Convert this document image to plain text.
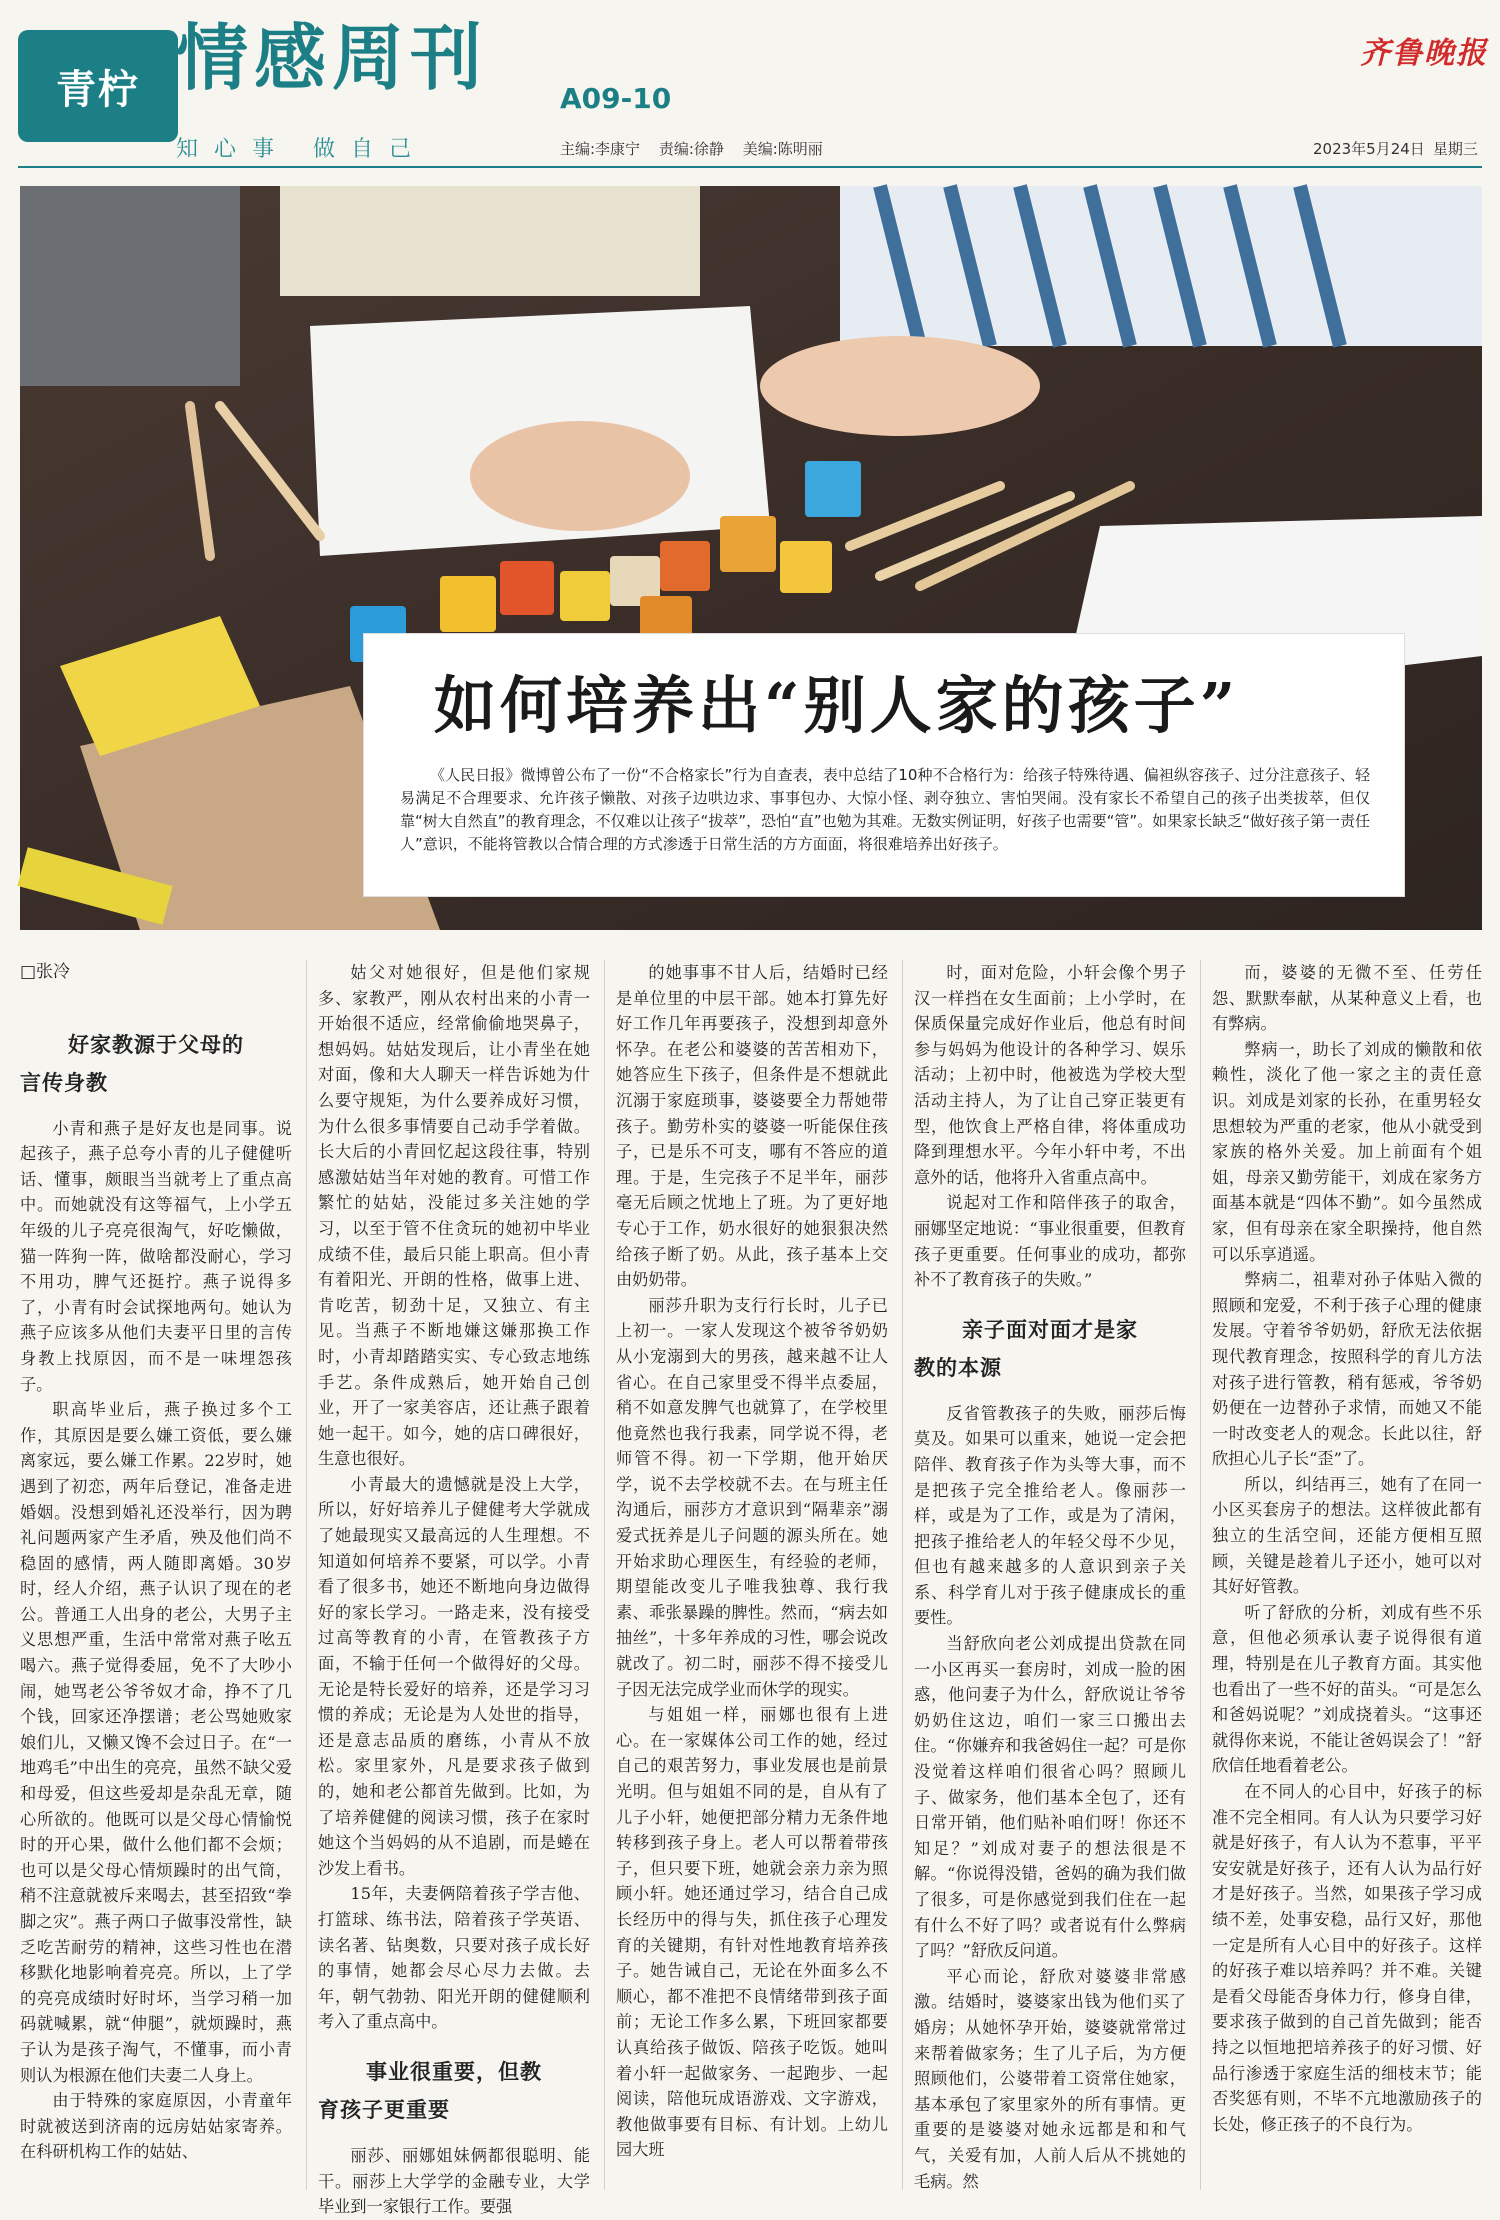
青柠 情感周刊	A09-10
知心事 做自己
齐鲁晚报
主编:李康宁 责编:徐静 美编:陈明丽	2023年5月24日 星期三
如何培养出“别人家的孩子”
《人民日报》微博曾公布了一份“不合格家长”行为自查表，表中总结了10种不合格行为：给孩子特殊待遇、偏袒纵容孩子、过分注意孩子、轻易满足不合理要求、允许孩子懒散、对孩子边哄边求、事事包办、大惊小怪、剥夺独立、害怕哭闹。没有家长不希望自己的孩子出类拔萃，但仅靠“树大自然直”的教育理念，不仅难以让孩子“拔萃”，恐怕“直”也勉为其难。无数实例证明，好孩子也需要“管”。如果家长缺乏“做好孩子第一责任人”意识，不能将管教以合情合理的方式渗透于日常生活的方方面面，将很难培养出好孩子。
□张冷
好家教源于父母的
言传身教

小青和燕子是好友也是同事。说起孩子，燕子总夸小青的儿子健健听话、懂事，颇眼当当就考上了重点高中。而她就没有这等福气，上小学五年级的儿子亮亮很淘气，好吃懒做，猫一阵狗一阵，做啥都没耐心，学习不用功，脾气还挺拧。燕子说得多了，小青有时会试探地两句。她认为燕子应该多从他们夫妻平日里的言传身教上找原因，而不是一味埋怨孩子。

职高毕业后，燕子换过多个工作，其原因是要么嫌工资低，要么嫌离家远，要么嫌工作累。22岁时，她遇到了初恋，两年后登记，准备走进婚姻。没想到婚礼还没举行，因为聘礼问题两家产生矛盾，殃及他们尚不稳固的感情，两人随即离婚。30岁时，经人介绍，燕子认识了现在的老公。普通工人出身的老公，大男子主义思想严重，生活中常常对燕子吆五喝六。燕子觉得委屈，免不了大吵小闹，她骂老公爷爷奴才命，挣不了几个钱，回家还净摆谱；老公骂她败家娘们儿，又懒又馋不会过日子。在“一地鸡毛”中出生的亮亮，虽然不缺父爱和母爱，但这些爱却是杂乱无章，随心所欲的。他既可以是父母心情愉悦时的开心果，做什么他们都不会烦；也可以是父母心情烦躁时的出气筒，稍不注意就被斥来喝去，甚至招致“拳脚之灾”。燕子两口子做事没常性，缺乏吃苦耐劳的精神，这些习性也在潜移默化地影响着亮亮。所以，上了学的亮亮成绩时好时坏，当学习稍一加码就喊累，就“伸腿”，就烦躁时，燕子认为是孩子淘气，不懂事，而小青则认为根源在他们夫妻二人身上。

由于特殊的家庭原因，小青童年时就被送到济南的远房姑姑家寄养。在科研机构工作的姑姑、

姑父对她很好，但是他们家规多、家教严，刚从农村出来的小青一开始很不适应，经常偷偷地哭鼻子，想妈妈。姑姑发现后，让小青坐在她对面，像和大人聊天一样告诉她为什么要守规矩，为什么要养成好习惯，为什么很多事情要自己动手学着做。长大后的小青回忆起这段往事，特别感激姑姑当年对她的教育。可惜工作繁忙的姑姑，没能过多关注她的学习，以至于管不住贪玩的她初中毕业成绩不佳，最后只能上职高。但小青有着阳光、开朗的性格，做事上进、肯吃苦，韧劲十足，又独立、有主见。当燕子不断地嫌这嫌那换工作时，小青却踏踏实实、专心致志地练手艺。条件成熟后，她开始自己创业，开了一家美容店，还让燕子跟着她一起干。如今，她的店口碑很好，生意也很好。

小青最大的遗憾就是没上大学，所以，好好培养儿子健健考大学就成了她最现实又最高远的人生理想。不知道如何培养不要紧，可以学。小青看了很多书，她还不断地向身边做得好的家长学习。一路走来，没有接受过高等教育的小青，在管教孩子方面，不输于任何一个做得好的父母。无论是特长爱好的培养，还是学习习惯的养成；无论是为人处世的指导，还是意志品质的磨练，小青从不放松。家里家外，凡是要求孩子做到的，她和老公都首先做到。比如，为了培养健健的阅读习惯，孩子在家时她这个当妈妈的从不追剧，而是蜷在沙发上看书。

15年，夫妻俩陪着孩子学吉他、打篮球、练书法，陪着孩子学英语、读名著、钻奥数，只要对孩子成长好的事情，她都会尽心尽力去做。去年，朝气勃勃、阳光开朗的健健顺利考入了重点高中。

事业很重要，但教
育孩子更重要

丽莎、丽娜姐妹俩都很聪明、能干。丽莎上大学学的金融专业，大学毕业到一家银行工作。要强

的她事事不甘人后，结婚时已经是单位里的中层干部。她本打算先好好工作几年再要孩子，没想到却意外怀孕。在老公和婆婆的苦苦相劝下，她答应生下孩子，但条件是不想就此沉溺于家庭琐事，婆婆要全力帮她带孩子。勤劳朴实的婆婆一听能保住孩子，已是乐不可支，哪有不答应的道理。于是，生完孩子不足半年，丽莎毫无后顾之忧地上了班。为了更好地专心于工作，奶水很好的她狠狠决然给孩子断了奶。从此，孩子基本上交由奶奶带。

丽莎升职为支行行长时，儿子已上初一。一家人发现这个被爷爷奶奶从小宠溺到大的男孩，越来越不让人省心。在自己家里受不得半点委屈，稍不如意发脾气也就算了，在学校里他竟然也我行我素，同学说不得，老师管不得。初一下学期，他开始厌学，说不去学校就不去。在与班主任沟通后，丽莎方才意识到“隔辈亲”溺爱式抚养是儿子问题的源头所在。她开始求助心理医生，有经验的老师，期望能改变儿子唯我独尊、我行我素、乖张暴躁的脾性。然而，“病去如抽丝”，十多年养成的习性，哪会说改就改了。初二时，丽莎不得不接受儿子因无法完成学业而休学的现实。

与姐姐一样，丽娜也很有上进心。在一家媒体公司工作的她，经过自己的艰苦努力，事业发展也是前景光明。但与姐姐不同的是，自从有了儿子小轩，她便把部分精力无条件地转移到孩子身上。老人可以帮着带孩子，但只要下班，她就会亲力亲为照顾小轩。她还通过学习，结合自己成长经历中的得与失，抓住孩子心理发育的关键期，有针对性地教育培养孩子。她告诫自己，无论在外面多么不顺心，都不准把不良情绪带到孩子面前；无论工作多么累，下班回家都要认真给孩子做饭、陪孩子吃饭。她叫着小轩一起做家务、一起跑步、一起阅读，陪他玩成语游戏、文字游戏，教他做事要有目标、有计划。上幼儿园大班

时，面对危险，小轩会像个男子汉一样挡在女生面前；上小学时，在保质保量完成好作业后，他总有时间参与妈妈为他设计的各种学习、娱乐活动；上初中时，他被选为学校大型活动主持人，为了让自己穿正装更有型，他饮食上严格自律，将体重成功降到理想水平。今年小轩中考，不出意外的话，他将升入省重点高中。

说起对工作和陪伴孩子的取舍，丽娜坚定地说：“事业很重要，但教育孩子更重要。任何事业的成功，都弥补不了教育孩子的失败。”

亲子面对面才是家
教的本源

反省管教孩子的失败，丽莎后悔莫及。如果可以重来，她说一定会把陪伴、教育孩子作为头等大事，而不是把孩子完全推给老人。像丽莎一样，或是为了工作，或是为了清闲，把孩子推给老人的年轻父母不少见，但也有越来越多的人意识到亲子关系、科学育儿对于孩子健康成长的重要性。

当舒欣向老公刘成提出贷款在同一小区再买一套房时，刘成一脸的困惑，他问妻子为什么，舒欣说让爷爷奶奶住这边，咱们一家三口搬出去住。“你嫌弃和我爸妈住一起？可是你没觉着这样咱们很省心吗？照顾儿子、做家务，他们基本全包了，还有日常开销，他们贴补咱们呀！你还不知足？”刘成对妻子的想法很是不解。“你说得没错，爸妈的确为我们做了很多，可是你感觉到我们住在一起有什么不好了吗？或者说有什么弊病了吗？”舒欣反问道。

平心而论，舒欣对婆婆非常感激。结婚时，婆婆家出钱为他们买了婚房；从她怀孕开始，婆婆就常常过来帮着做家务；生了儿子后，为方便照顾他们，公婆带着工资常住她家，基本承包了家里家外的所有事情。更重要的是婆婆对她永远都是和和气气，关爱有加，人前人后从不挑她的毛病。然

而，婆婆的无微不至、任劳任怨、默默奉献，从某种意义上看，也有弊病。

弊病一，助长了刘成的懒散和依赖性，淡化了他一家之主的责任意识。刘成是刘家的长孙，在重男轻女思想较为严重的老家，他从小就受到家族的格外关爱。加上前面有个姐姐，母亲又勤劳能干，刘成在家务方面基本就是“四体不勤”。如今虽然成家，但有母亲在家全职操持，他自然可以乐享逍遥。

弊病二，祖辈对孙子体贴入微的照顾和宠爱，不利于孩子心理的健康发展。守着爷爷奶奶，舒欣无法依据现代教育理念，按照科学的育儿方法对孩子进行管教，稍有惩戒，爷爷奶奶便在一边替孙子求情，而她又不能一时改变老人的观念。长此以往，舒欣担心儿子长“歪”了。

所以，纠结再三，她有了在同一小区买套房子的想法。这样彼此都有独立的生活空间，还能方便相互照顾，关键是趁着儿子还小，她可以对其好好管教。

听了舒欣的分析，刘成有些不乐意，但他必须承认妻子说得很有道理，特别是在儿子教育方面。其实他也看出了一些不好的苗头。“可是怎么和爸妈说呢？”刘成挠着头。“这事还就得你来说，不能让爸妈误会了！”舒欣信任地看着老公。

在不同人的心目中，好孩子的标准不完全相同。有人认为只要学习好就是好孩子，有人认为不惹事，平平安安就是好孩子，还有人认为品行好才是好孩子。当然，如果孩子学习成绩不差，处事安稳，品行又好，那他一定是所有人心目中的好孩子。这样的好孩子难以培养吗？并不难。关键是看父母能否身体力行，修身自律，要求孩子做到的自己首先做到；能否持之以恒地把培养孩子的好习惯、好品行渗透于家庭生活的细枝末节；能否奖惩有则，不毕不亢地激励孩子的长处，修正孩子的不良行为。
